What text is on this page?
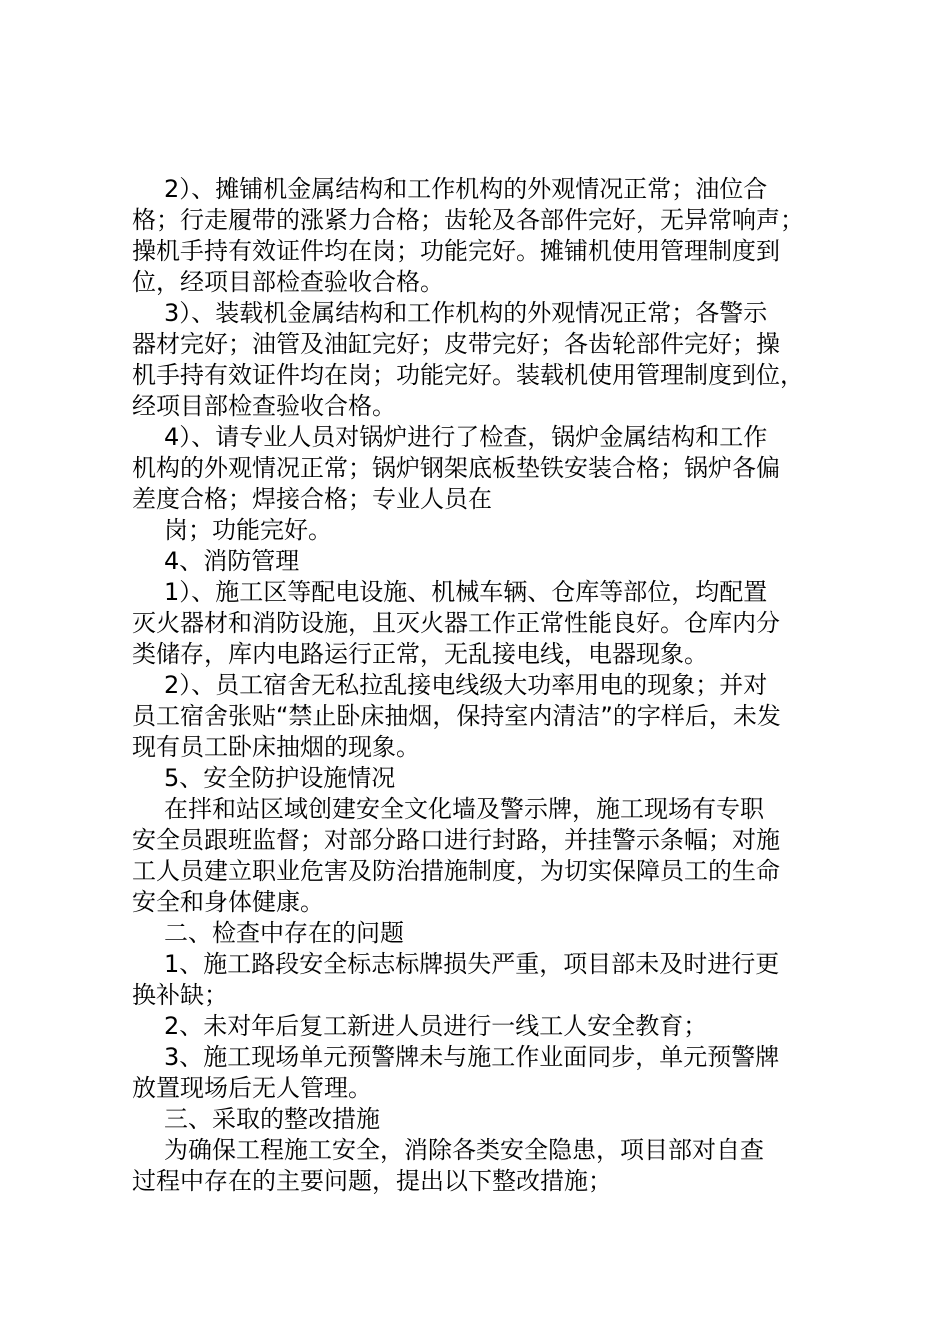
2）、摊铺机金属结构和工作机构的外观情况正常；油位合

格；行走履带的涨紧力合格；齿轮及各部件完好，无异常响声；

操机手持有效证件均在岗；功能完好。摊铺机使用管理制度到

位，经项目部检查验收合格。

3）、装载机金属结构和工作机构的外观情况正常；各警示

器材完好；油管及油缸完好；皮带完好；各齿轮部件完好；操

机手持有效证件均在岗；功能完好。装载机使用管理制度到位，

经项目部检查验收合格。

4）、请专业人员对锅炉进行了检查，锅炉金属结构和工作

机构的外观情况正常；锅炉钢架底板垫铁安装合格；锅炉各偏

差度合格；焊接合格；专业人员在

岗；功能完好。

4、消防管理

1）、施工区等配电设施、机械车辆、仓库等部位，均配置

灭火器材和消防设施，且灭火器工作正常性能良好。仓库内分

类储存，库内电路运行正常，无乱接电线，电器现象。

2）、员工宿舍无私拉乱接电线级大功率用电的现象；并对

员工宿舍张贴“禁止卧床抽烟，保持室内清洁”的字样后，未发

现有员工卧床抽烟的现象。

5、安全防护设施情况

在拌和站区域创建安全文化墙及警示牌，施工现场有专职

安全员跟班监督；对部分路口进行封路，并挂警示条幅；对施

工人员建立职业危害及防治措施制度，为切实保障员工的生命

安全和身体健康。

二、检查中存在的问题

1、施工路段安全标志标牌损失严重，项目部未及时进行更

换补缺；

2、未对年后复工新进人员进行一线工人安全教育；

3、施工现场单元预警牌未与施工作业面同步，单元预警牌

放置现场后无人管理。

三、采取的整改措施

为确保工程施工安全，消除各类安全隐患，项目部对自查

过程中存在的主要问题，提出以下整改措施；
